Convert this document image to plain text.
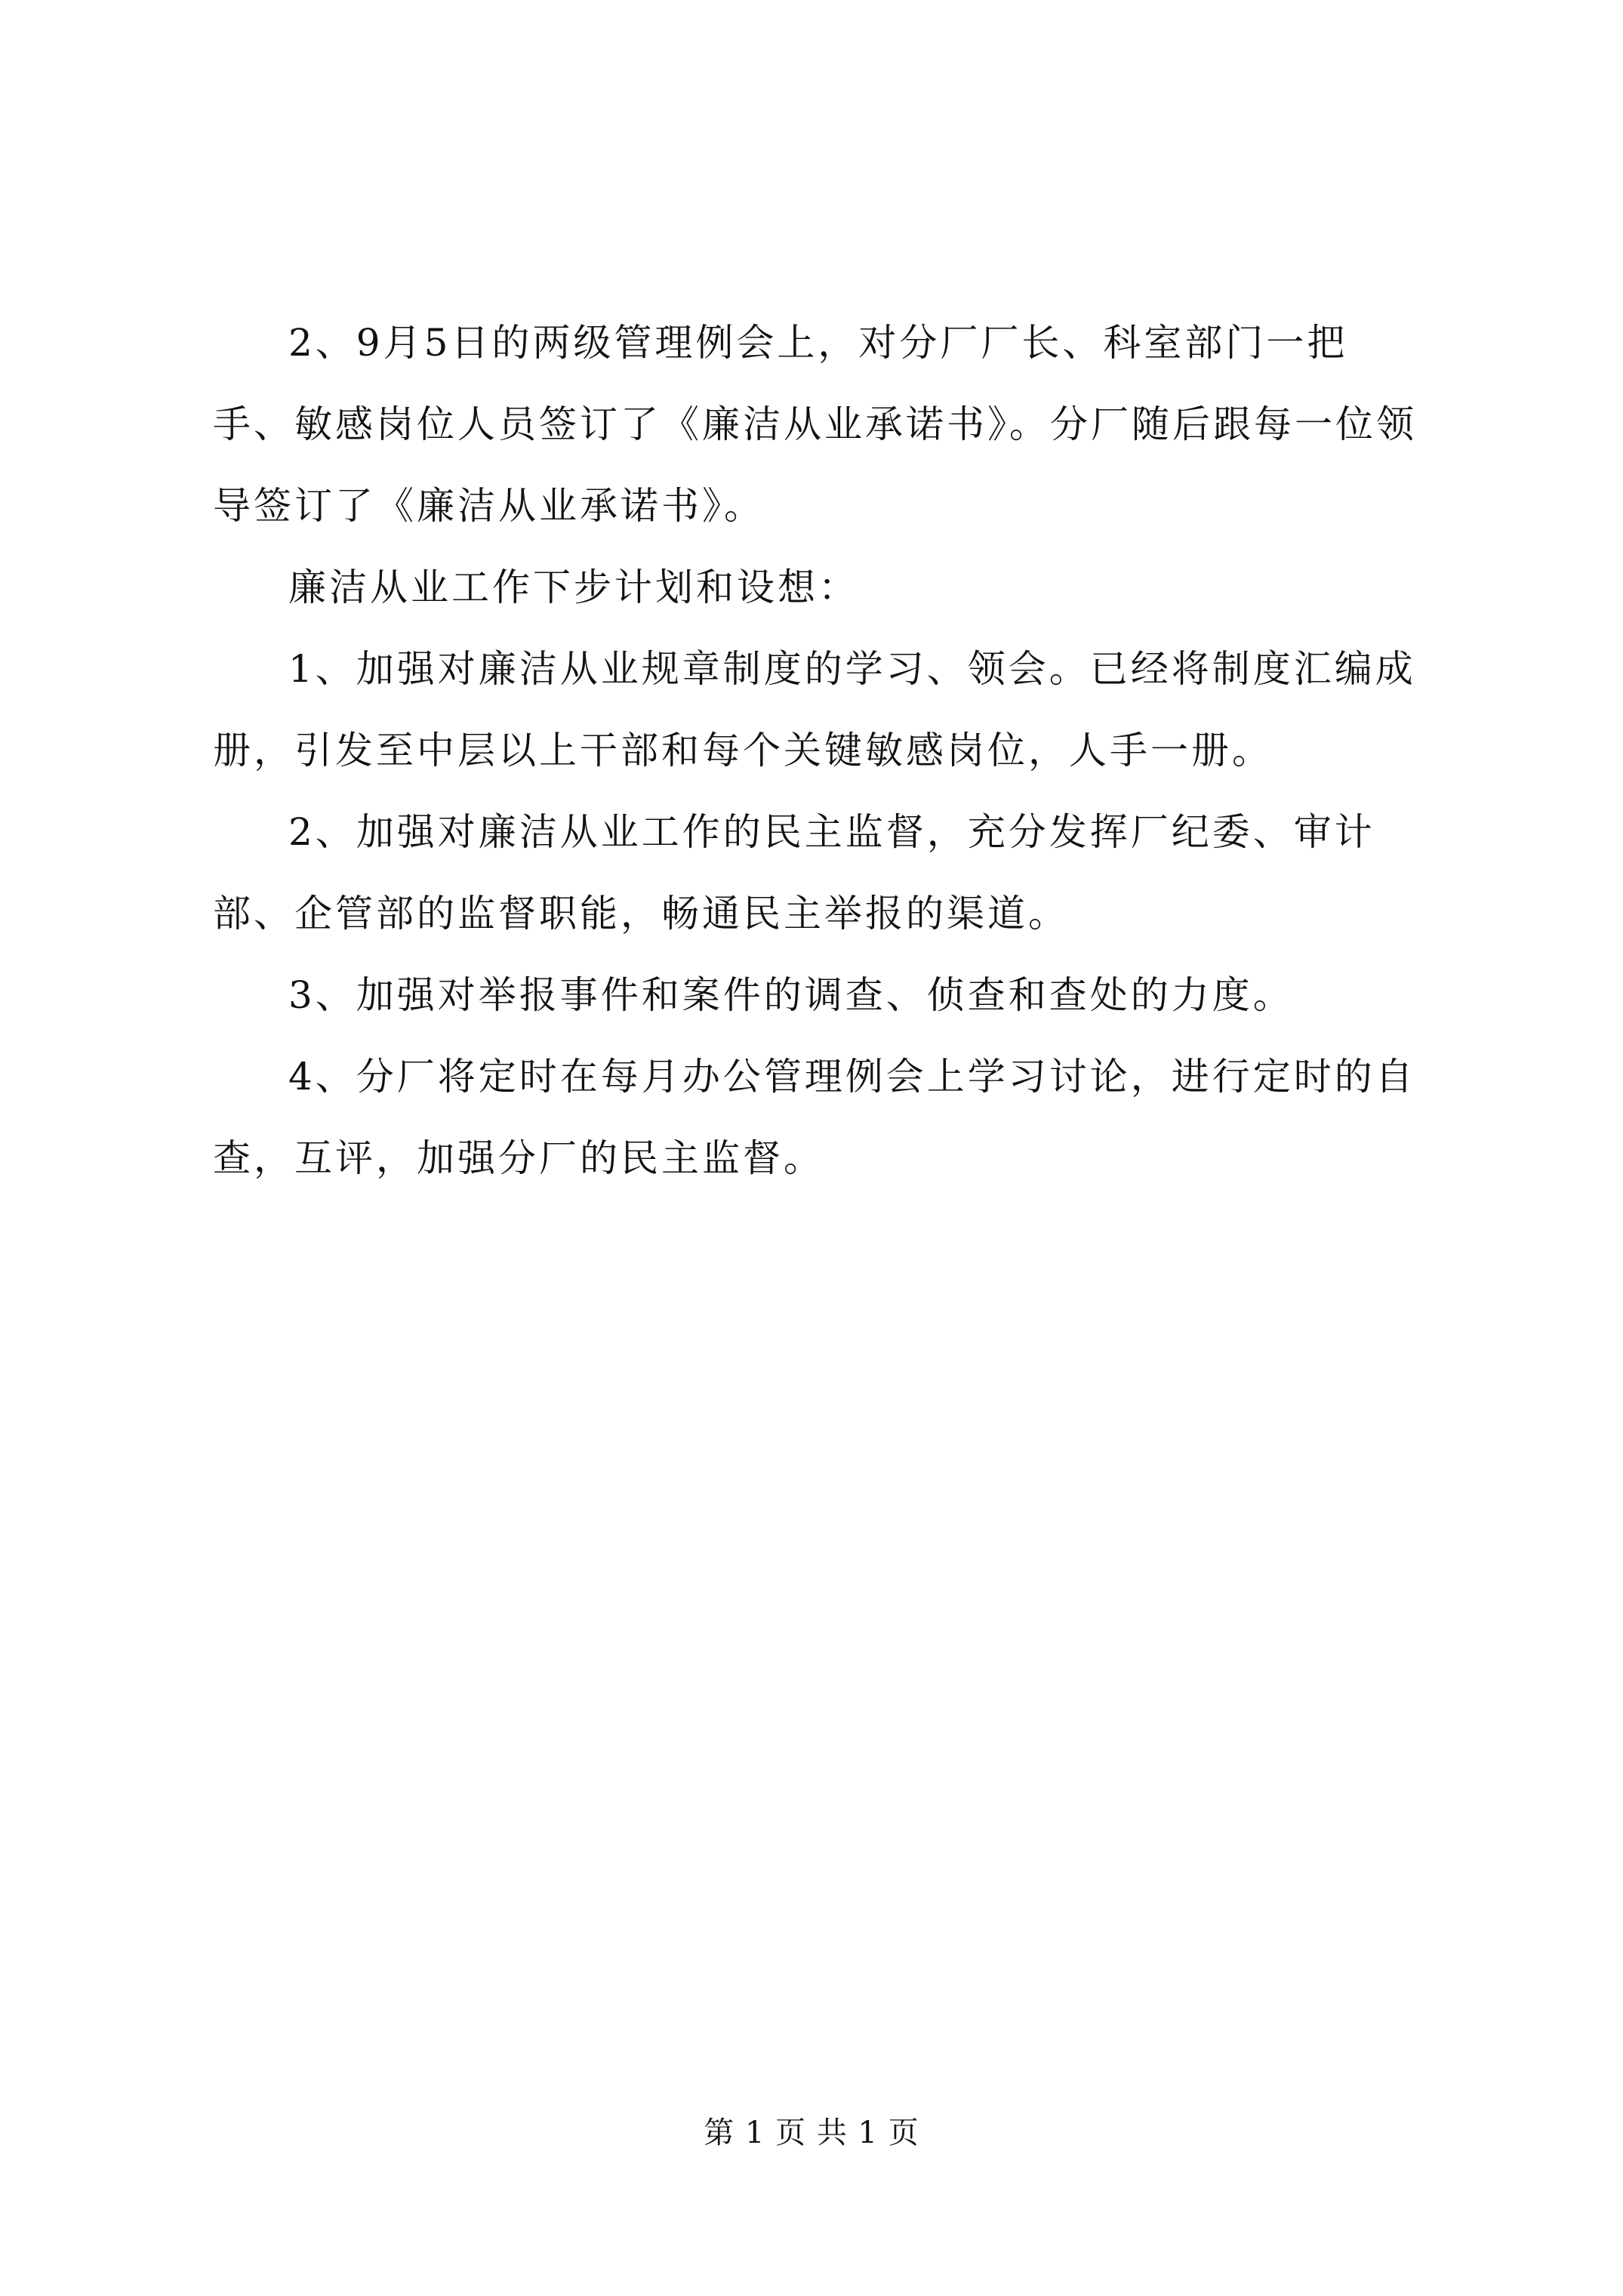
2、9月5日的两级管理例会上，对分厂厂长、科室部门一把手、敏感岗位人员签订了《廉洁从业承诺书》。分厂随后跟每一位领导签订了《廉洁从业承诺书》。

廉洁从业工作下步计划和设想：

1、加强对廉洁从业规章制度的学习、领会。已经将制度汇编成册，引发至中层以上干部和每个关键敏感岗位，人手一册。

2、加强对廉洁从业工作的民主监督，充分发挥厂纪委、审计部、企管部的监督职能，畅通民主举报的渠道。

3、加强对举报事件和案件的调查、侦查和查处的力度。

4、分厂将定时在每月办公管理例会上学习讨论，进行定时的自查，互评，加强分厂的民主监督。

第 1 页 共 1 页
